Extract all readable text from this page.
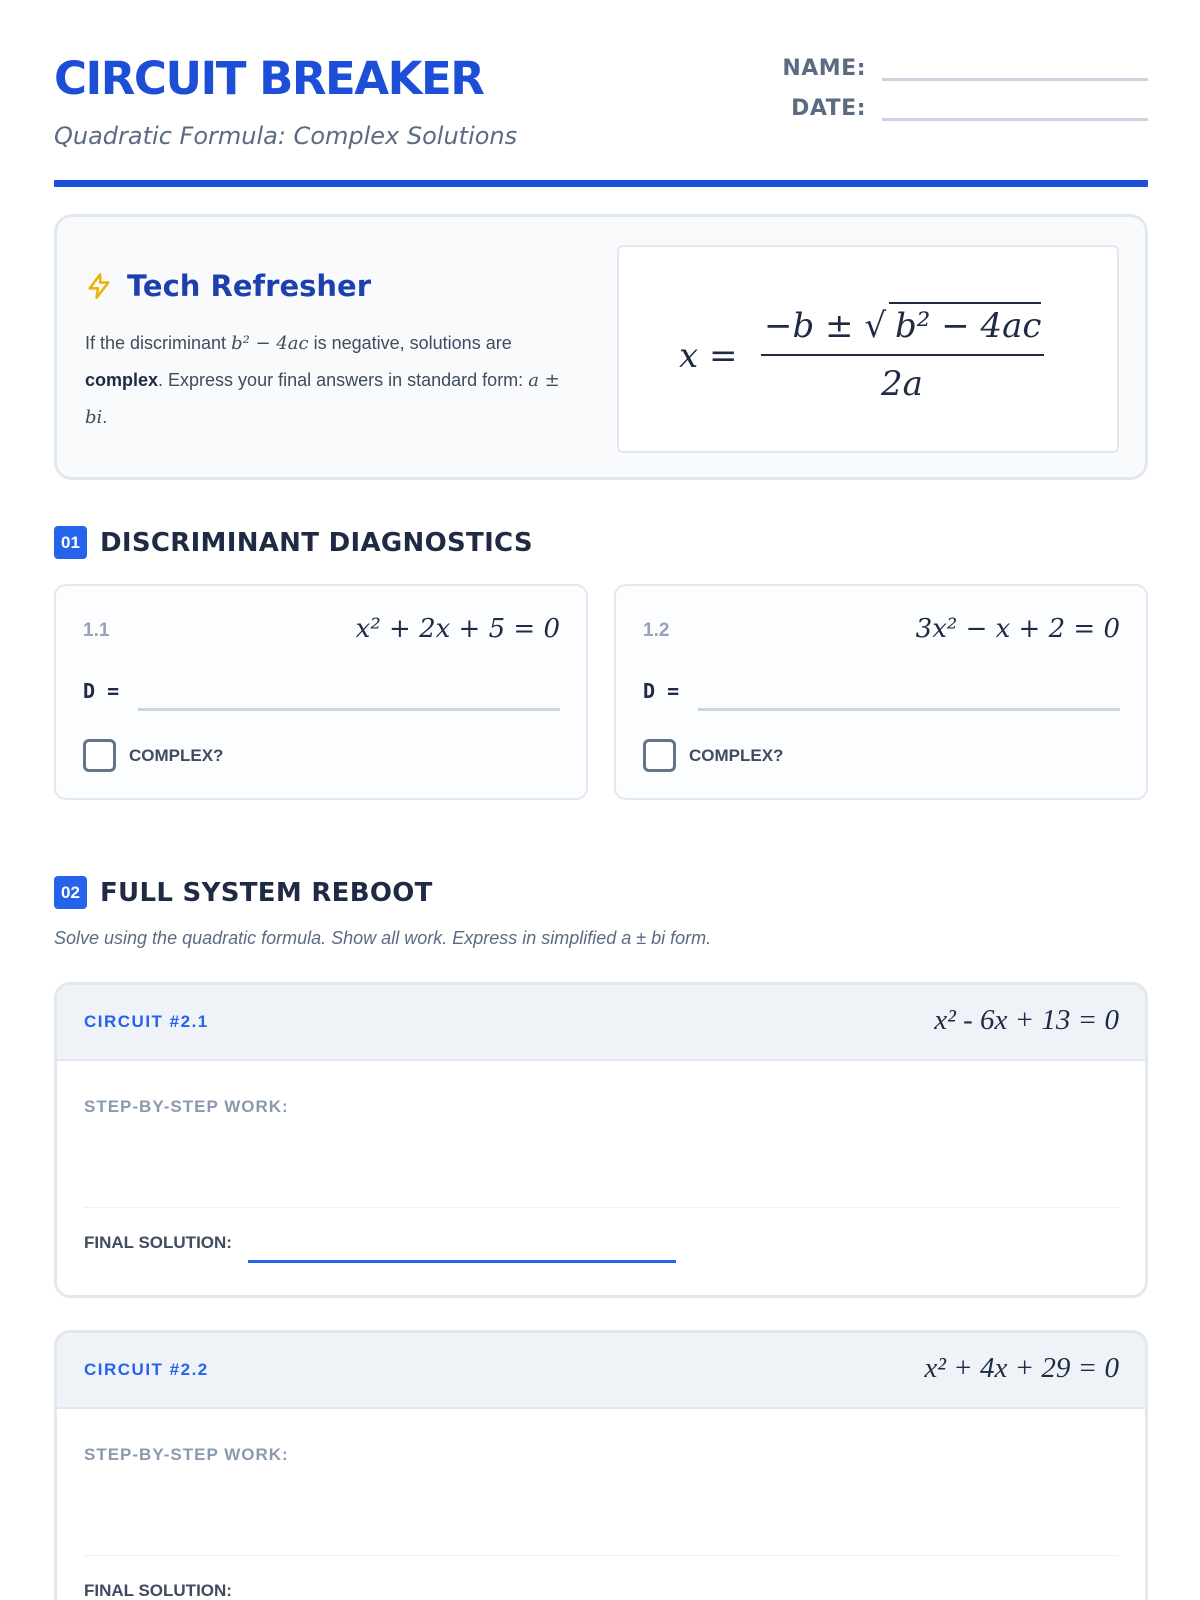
CIRCUIT BREAKER
Quadratic Formula: Complex Solutions
NAME:
DATE:
Tech Refresher
If the discriminant b² − 4ac is negative, solutions are complex. Express your final answers in standard form: a ± bi.
x =
−b ± √ b² − 4ac
2a
01 DISCRIMINANT DIAGNOSTICS
1.1	x² + 2x + 5 = 0
D =
COMPLEX?
1.2	3x² − x + 2 = 0
D =
COMPLEX?
02 FULL SYSTEM REBOOT
Solve using the quadratic formula. Show all work. Express in simplified a ± bi form.
CIRCUIT #2.1	x² - 6x + 13 = 0
STEP-BY-STEP WORK:
FINAL SOLUTION:
CIRCUIT #2.2	x² + 4x + 29 = 0
STEP-BY-STEP WORK:
FINAL SOLUTION:
